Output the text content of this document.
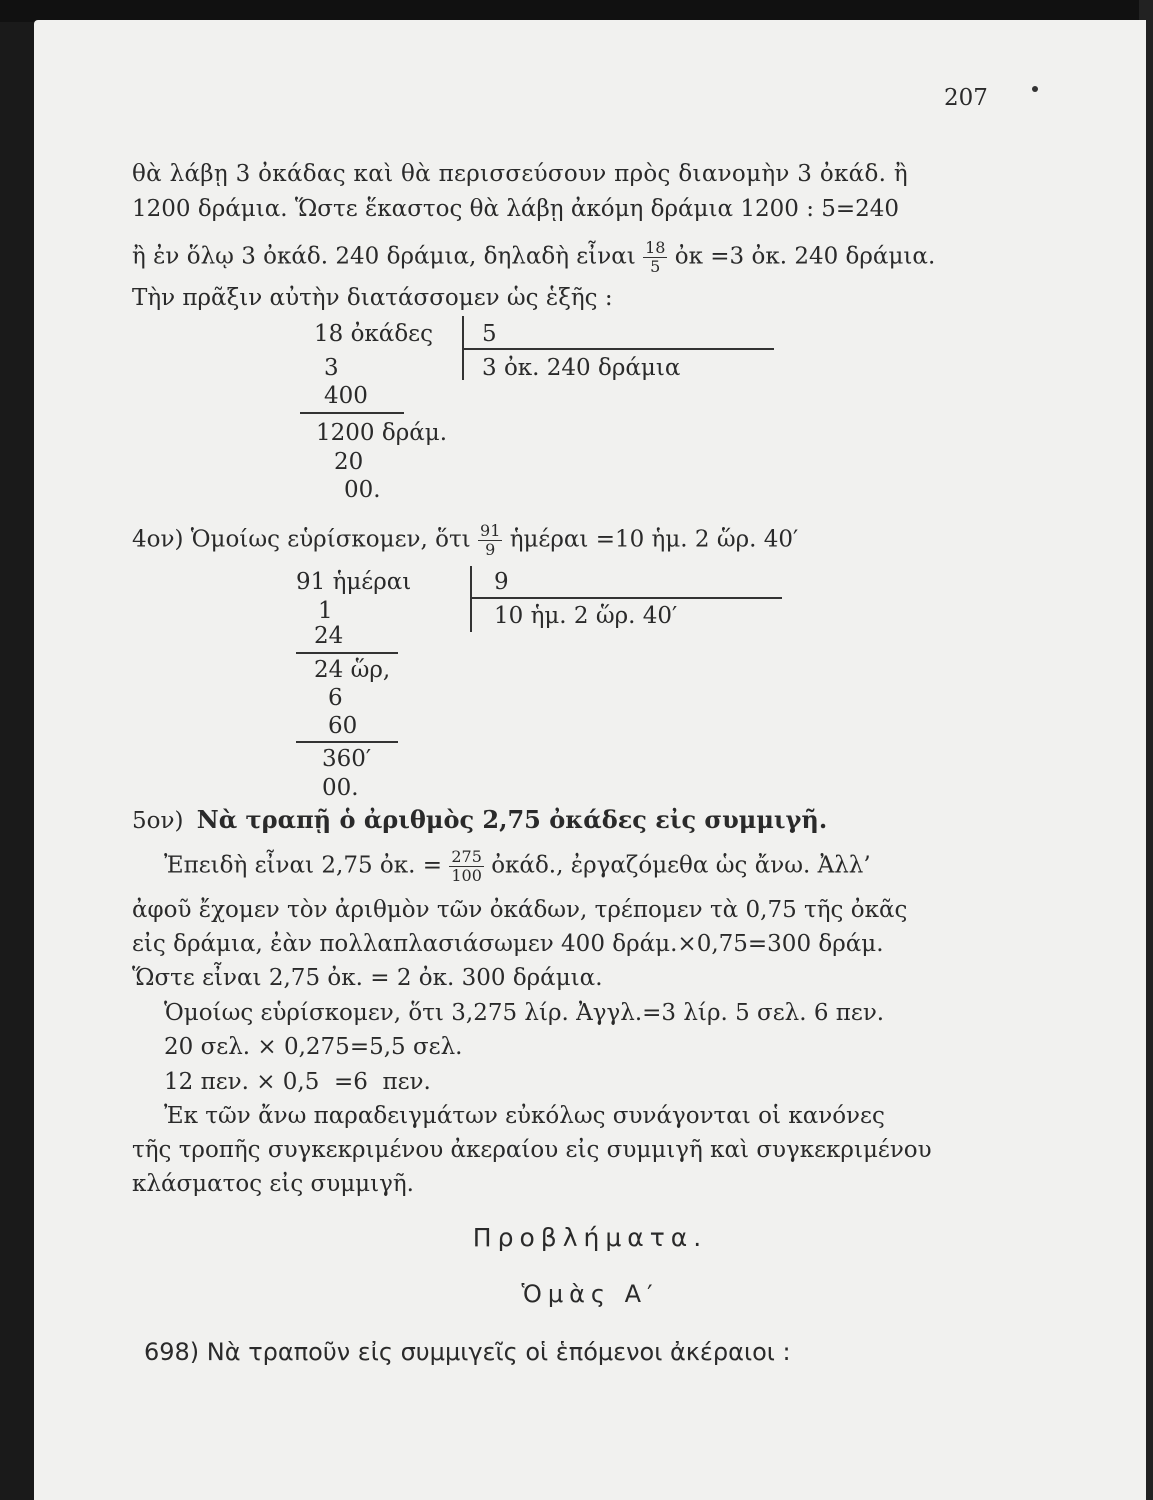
207
θὰ λάβῃ 3 ὀκάδας καὶ θὰ περισσεύσουν πρὸς διανομὴν 3 ὀκάδ. ἢ
1200 δράμια. Ὥστε ἕκαστος θὰ λάβῃ ἀκόμη δράμια 1200 : 5=240
ἢ ἐν ὅλῳ 3 ὀκάδ. 240 δράμια, δηλαδὴ εἶναι $\frac{18}{5}$ ὀκ =3 ὀκ. 240 δράμια.
Τὴν πρᾶξιν αὐτὴν διατάσσομεν ὡς ἑξῆς :
18 ὀκάδες 5
3	3 ὀκ. 240 δράμια
400
1200 δράμ.
20
00.
4ον) Ὁμοίως εὑρίσκομεν, ὅτι $\frac{91}{9}$ ἡμέραι =10 ἡμ. 2 ὥρ. 40′
91 ἡμέραι	9
1	10 ἡμ. 2 ὥρ. 40′
24
24 ὥρ,
6
60
360′
00.
5ον) Νὰ τραπῇ ὁ ἀριθμὸς 2,75 ὀκάδες εἰς συμμιγῆ.
Ἐπειδὴ εἶναι 2,75 ὀκ. = $\frac{275}{100}$ ὀκάδ., ἐργαζόμεθα ὡς ἄνω. Ἀλλ’
ἀφοῦ ἔχομεν τὸν ἀριθμὸν τῶν ὀκάδων, τρέπομεν τὰ 0,75 τῆς ὀκᾶς
εἰς δράμια, ἐὰν πολλαπλασιάσωμεν 400 δράμ.×0,75=300 δράμ.
Ὥστε εἶναι 2,75 ὀκ. = 2 ὀκ. 300 δράμια.
Ὁμοίως εὑρίσκομεν, ὅτι 3,275 λίρ. Ἀγγλ.=3 λίρ. 5 σελ. 6 πεν.
20 σελ. × 0,275=5,5 σελ.
12 πεν. × 0,5  =6  πεν.
Ἐκ τῶν ἄνω παραδειγμάτων εὐκόλως συνάγονται οἱ κανόνες
τῆς τροπῆς συγκεκριμένου ἀκεραίου εἰς συμμιγῆ καὶ συγκεκριμένου
κλάσματος εἰς συμμιγῆ.
Προβλήματα.
Ὁμὰς Α′
698) Νὰ τραποῦν εἰς συμμιγεῖς οἱ ἑπόμενοι ἀκέραιοι :
